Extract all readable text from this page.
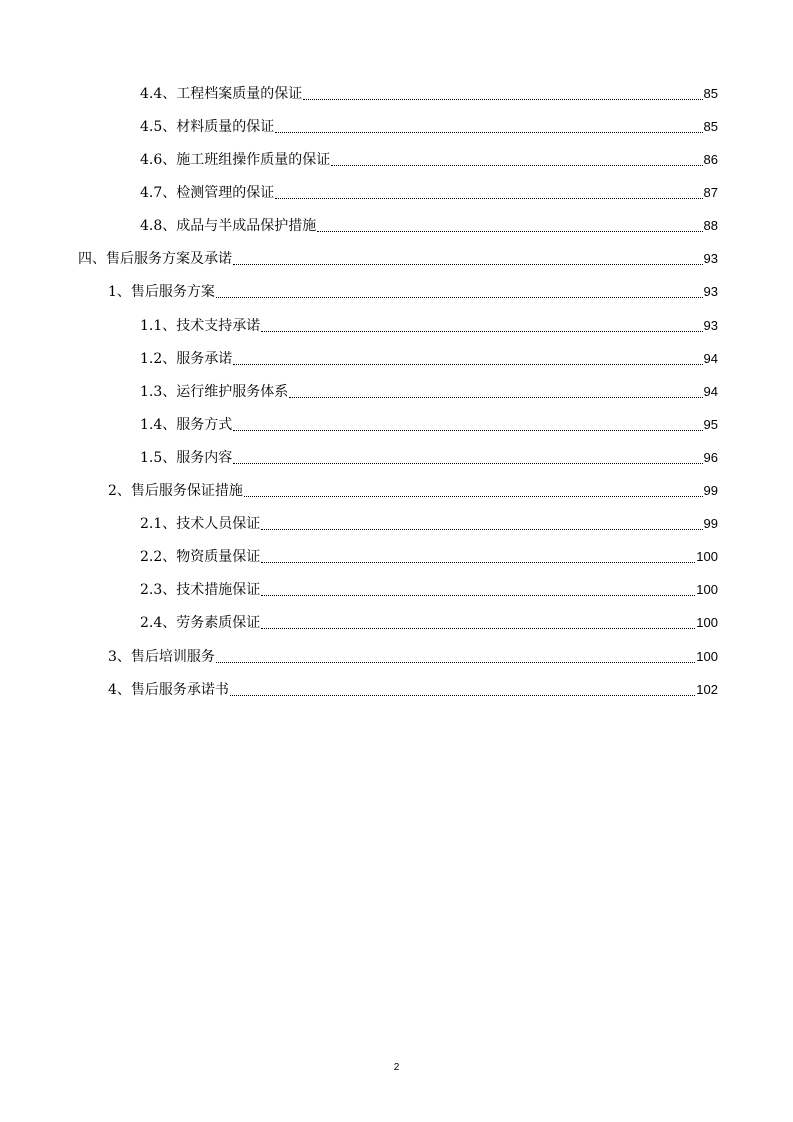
4.4、工程档案质量的保证	85
4.5、材料质量的保证	85
4.6、施工班组操作质量的保证	86
4.7、检测管理的保证	87
4.8、成品与半成品保护措施	88
四、售后服务方案及承诺	93
1、售后服务方案	93
1.1、技术支持承诺	93
1.2、服务承诺	94
1.3、运行维护服务体系	94
1.4、服务方式	95
1.5、服务内容	96
2、售后服务保证措施	99
2.1、技术人员保证	99
2.2、物资质量保证	100
2.3、技术措施保证	100
2.4、劳务素质保证	100
3、售后培训服务	100
4、售后服务承诺书	102
2
